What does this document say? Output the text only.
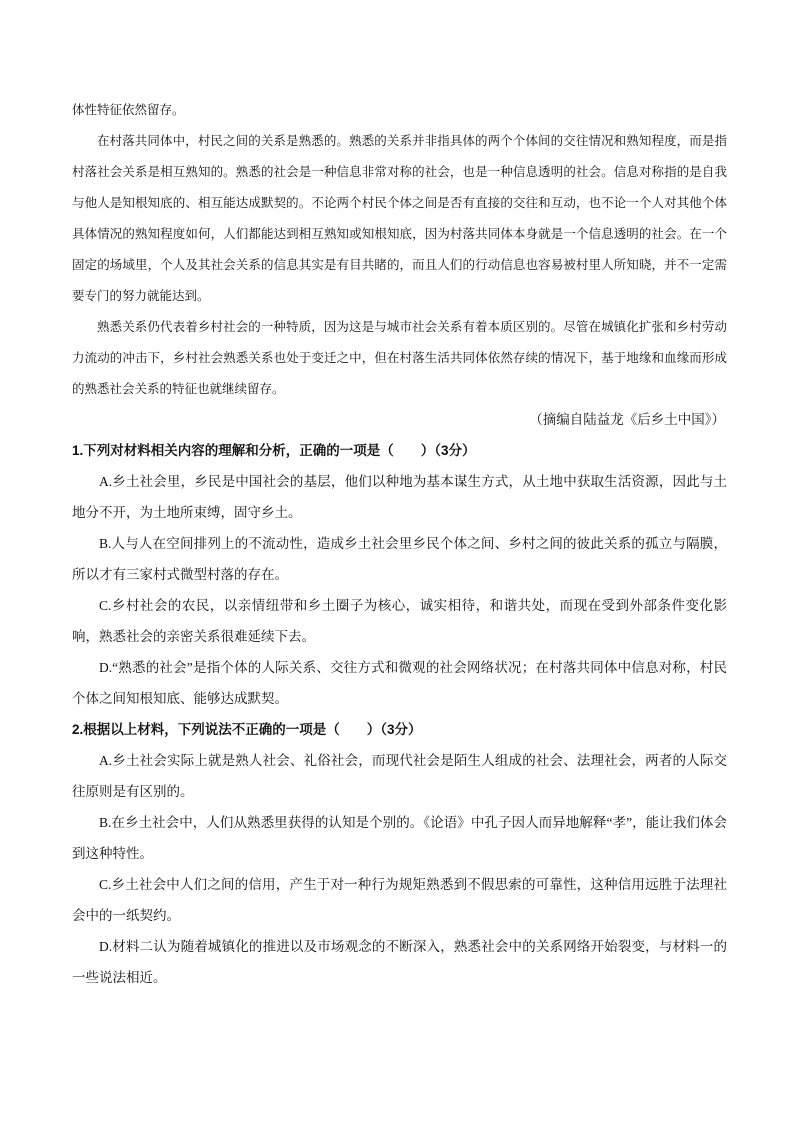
体性特征依然留存。

在村落共同体中，村民之间的关系是熟悉的。熟悉的关系并非指具体的两个个体间的交往情况和熟知程度，而是指村落社会关系是相互熟知的。熟悉的社会是一种信息非常对称的社会，也是一种信息透明的社会。信息对称指的是自我与他人是知根知底的、相互能达成默契的。不论两个村民个体之间是否有直接的交往和互动，也不论一个人对其他个体具体情况的熟知程度如何，人们都能达到相互熟知或知根知底，因为村落共同体本身就是一个信息透明的社会。在一个固定的场域里，个人及其社会关系的信息其实是有目共睹的，而且人们的行动信息也容易被村里人所知晓，并不一定需要专门的努力就能达到。

熟悉关系仍代表着乡村社会的一种特质，因为这是与城市社会关系有着本质区别的。尽管在城镇化扩张和乡村劳动力流动的冲击下，乡村社会熟悉关系也处于变迁之中，但在村落生活共同体依然存续的情况下，基于地缘和血缘而形成的熟悉社会关系的特征也就继续留存。

（摘编自陆益龙《后乡土中国》）

1.下列对材料相关内容的理解和分析，正确的一项是（　　）（3分）

A.乡土社会里，乡民是中国社会的基层，他们以种地为基本谋生方式，从土地中获取生活资源，因此与土地分不开，为土地所束缚，固守乡土。

B.人与人在空间排列上的不流动性，造成乡土社会里乡民个体之间、乡村之间的彼此关系的孤立与隔膜，所以才有三家村式微型村落的存在。

C.乡村社会的农民，以亲情纽带和乡土圈子为核心，诚实相待，和谐共处，而现在受到外部条件变化影响，熟悉社会的亲密关系很难延续下去。

D.“熟悉的社会”是指个体的人际关系、交往方式和微观的社会网络状况；在村落共同体中信息对称，村民个体之间知根知底、能够达成默契。

2.根据以上材料，下列说法不正确的一项是（　　）（3分）

A.乡土社会实际上就是熟人社会、礼俗社会，而现代社会是陌生人组成的社会、法理社会，两者的人际交往原则是有区别的。

B.在乡土社会中，人们从熟悉里获得的认知是个别的。《论语》中孔子因人而异地解释“孝”，能让我们体会到这种特性。

C.乡土社会中人们之间的信用，产生于对一种行为规矩熟悉到不假思索的可靠性，这种信用远胜于法理社会中的一纸契约。

D.材料二认为随着城镇化的推进以及市场观念的不断深入，熟悉社会中的关系网络开始裂变，与材料一的一些说法相近。
